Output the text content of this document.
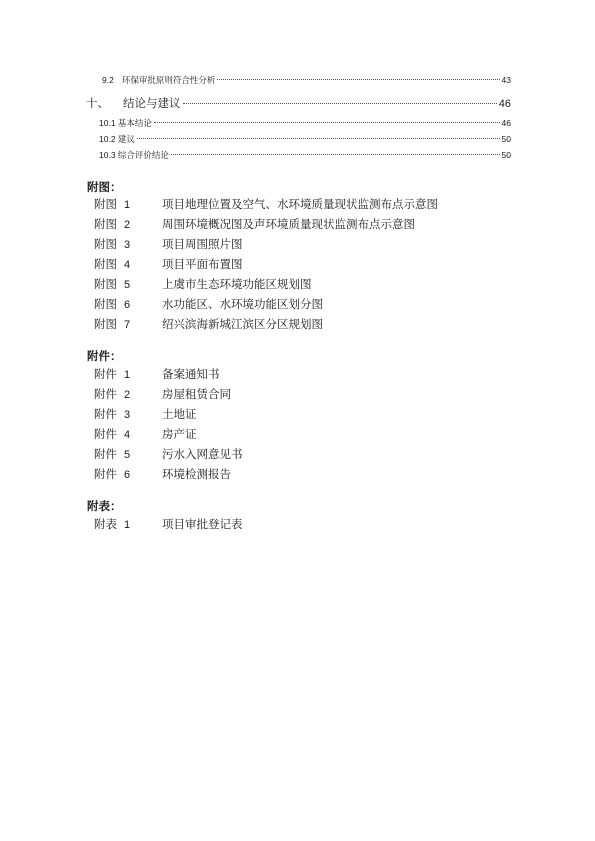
9.2 环保审批原则符合性分析	43
十、 结论与建议	46
10.1 基本结论	46
10.2 建议	50
10.3 综合评价结论	50
附图：
附图 1	项目地理位置及空气、水环境质量现状监测布点示意图
附图 2	周围环境概况图及声环境质量现状监测布点示意图
附图 3	项目周围照片图
附图 4	项目平面布置图
附图 5	上虞市生态环境功能区规划图
附图 6	水功能区、水环境功能区划分图
附图 7	绍兴滨海新城江滨区分区规划图
附件：
附件 1	备案通知书
附件 2	房屋租赁合同
附件 3	土地证
附件 4	房产证
附件 5	污水入网意见书
附件 6	环境检测报告
附表：
附表 1	项目审批登记表
